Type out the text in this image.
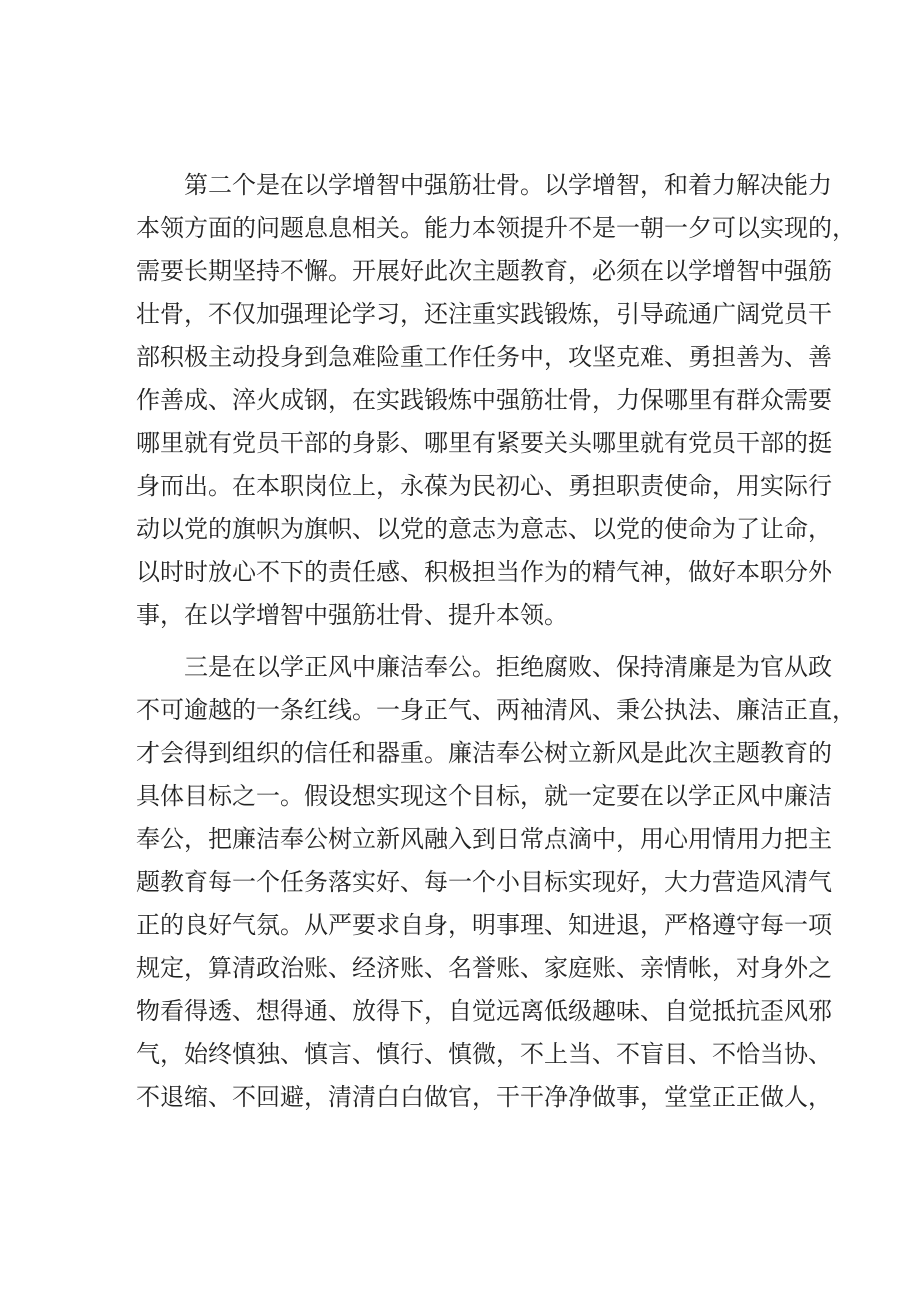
第二个是在以学增智中强筋壮骨。以学增智，和着力解决能力
本领方面的问题息息相关。能力本领提升不是一朝一夕可以实现的，
需要长期坚持不懈。开展好此次主题教育，必须在以学增智中强筋
壮骨，不仅加强理论学习，还注重实践锻炼，引导疏通广阔党员干
部积极主动投身到急难险重工作任务中，攻坚克难、勇担善为、善
作善成、淬火成钢，在实践锻炼中强筋壮骨，力保哪里有群众需要
哪里就有党员干部的身影、哪里有紧要关头哪里就有党员干部的挺
身而出。在本职岗位上，永葆为民初心、勇担职责使命，用实际行
动以党的旗帜为旗帜、以党的意志为意志、以党的使命为了让命，
以时时放心不下的责任感、积极担当作为的精气神，做好本职分外
事，在以学增智中强筋壮骨、提升本领。
三是在以学正风中廉洁奉公。拒绝腐败、保持清廉是为官从政
不可逾越的一条红线。一身正气、两袖清风、秉公执法、廉洁正直，
才会得到组织的信任和器重。廉洁奉公树立新风是此次主题教育的
具体目标之一。假设想实现这个目标，就一定要在以学正风中廉洁
奉公，把廉洁奉公树立新风融入到日常点滴中，用心用情用力把主
题教育每一个任务落实好、每一个小目标实现好，大力营造风清气
正的良好气氛。从严要求自身，明事理、知进退，严格遵守每一项
规定，算清政治账、经济账、名誉账、家庭账、亲情帐，对身外之
物看得透、想得通、放得下，自觉远离低级趣味、自觉抵抗歪风邪
气，始终慎独、慎言、慎行、慎微，不上当、不盲目、不恰当协、
不退缩、不回避，清清白白做官，干干净净做事，堂堂正正做人，
